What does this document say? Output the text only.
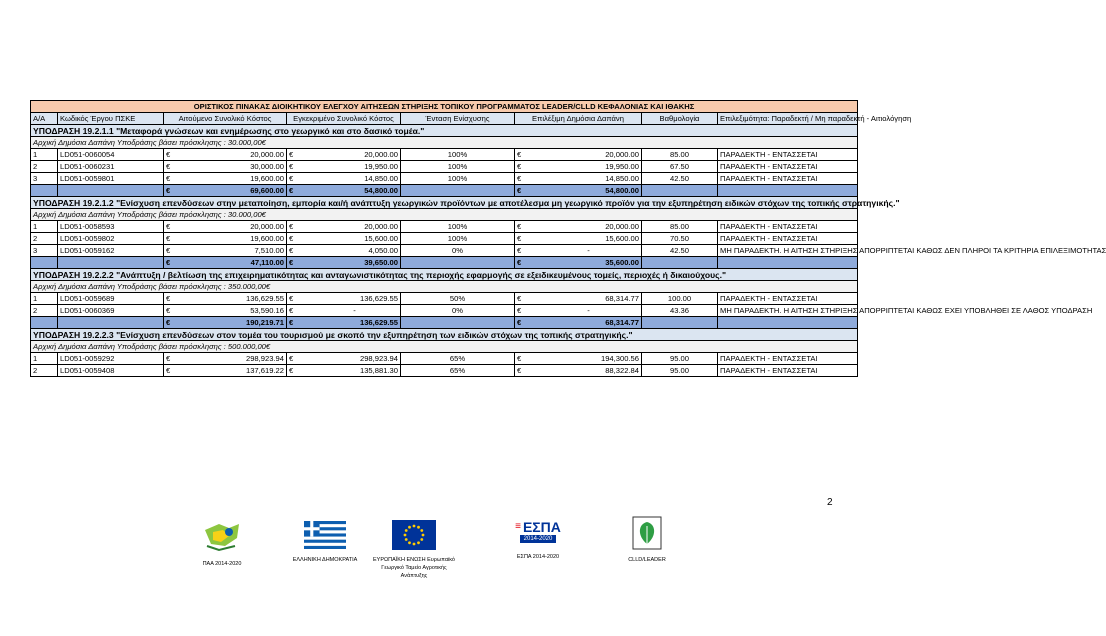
ΟΡΙΣΤΙΚΟΣ ΠΙΝΑΚΑΣ ΔΙΟΙΚΗΤΙΚΟΥ ΕΛΕΓΧΟΥ ΑΙΤΗΣΕΩΝ ΣΤΗΡΙΞΗΣ ΤΟΠΙΚΟΥ ΠΡΟΓΡΑΜΜΑΤΟΣ LEADER/CLLD ΚΕΦΑΛΟΝΙΑΣ ΚΑΙ ΙΘΑΚΗΣ							
Α/Α	Κωδικός Έργου ΠΣΚΕ	Αιτούμενο Συνολικό Κόστος	Εγκεκριμένο Συνολικό Κόστος	Ένταση Ενίσχυσης	Επιλέξιμη Δημόσια Δαπάνη	Βαθμολογία	Επιλεξιμότητα: Παραδεκτή / Μη παραδεκτή - Αιτιολόγηση
ΥΠΟΔΡΑΣΗ 19.2.1.1 "Μεταφορά γνώσεων και ενημέρωσης στο γεωργικό και στο δασικό τομέα."							
Αρχική Δημόσια Δαπάνη Υποδράσης βάσει πρόσκλησης : 30.000,00€							
1	LD051-0060054	€ 20,000.00	€ 20,000.00	100%	€ 20,000.00	85.00	ΠΑΡΑΔΕΚΤΗ - ΕΝΤΑΣΣΕΤΑΙ
2	LD051-0060231	€ 30,000.00	€ 19,950.00	100%	€ 19,950.00	67.50	ΠΑΡΑΔΕΚΤΗ - ΕΝΤΑΣΣΕΤΑΙ
3	LD051-0059801	€ 19,600.00	€ 14,850.00	100%	€ 14,850.00	42.50	ΠΑΡΑΔΕΚΤΗ - ΕΝΤΑΣΣΕΤΑΙ

		€ 69,600.00	€ 54,800.00		€ 54,800.00		

ΥΠΟΔΡΑΣΗ 19.2.1.2 "Ενίσχυση επενδύσεων στην μεταποίηση, εμπορία και/ή ανάπτυξη γεωργικών προϊόντων με αποτέλεσμα μη γεωργικό προϊόν για την εξυπηρέτηση ειδικών στόχων της τοπικής στρατηγικής."							
Αρχική Δημόσια Δαπάνη Υποδράσης βάσει πρόσκλησης : 30.000,00€							
1	LD051-0058593	€ 20,000.00	€ 20,000.00	100%	€ 20,000.00	85.00	ΠΑΡΑΔΕΚΤΗ - ΕΝΤΑΣΣΕΤΑΙ
2	LD051-0059802	€ 19,600.00	€ 15,600.00	100%	€ 15,600.00	70.50	ΠΑΡΑΔΕΚΤΗ - ΕΝΤΑΣΣΕΤΑΙ
3	LD051-0059162	€ 7,510.00	€ 4,050.00	0%	€ -	42.50	ΜΗ ΠΑΡΑΔΕΚΤΗ. Η ΑΙΤΗΣΗ ΣΤΗΡΙΞΗΣ ΑΠΟΡΡΙΠΤΕΤΑΙ ΚΑΘΩΣ ΔΕΝ ΠΛΗΡΟΙ ΤΑ ΚΡΙΤΗΡΙΑ ΕΠΙΛΕΞΙΜΟΤΗΤΑΣ

		€ 47,110.00	€ 39,650.00		€ 35,600.00		

ΥΠΟΔΡΑΣΗ 19.2.2.2 "Ανάπτυξη / βελτίωση της επιχειρηματικότητας και ανταγωνιστικότητας της περιοχής εφαρμογής σε εξειδικευμένους τομείς, περιοχές ή δικαιούχους."							
Αρχική Δημόσια Δαπάνη Υποδράσης βάσει πρόσκλησης : 350.000,00€							
1	LD051-0059689	€ 136,629.55	€ 136,629.55	50%	€ 68,314.77	100.00	ΠΑΡΑΔΕΚΤΗ - ΕΝΤΑΣΣΕΤΑΙ
2	LD051-0060369	€ 53,590.16	€ -	0%	€ -	43.36	ΜΗ ΠΑΡΑΔΕΚΤΗ. Η ΑΙΤΗΣΗ ΣΤΗΡΙΞΗΣ ΑΠΟΡΡΙΠΤΕΤΑΙ ΚΑΘΩΣ ΕΧΕΙ ΥΠΟΒΛΗΘΕΙ ΣΕ ΛΑΘΟΣ ΥΠΟΔΡΑΣΗ

		€ 190,219.71	€ 136,629.55		€ 68,314.77		

ΥΠΟΔΡΑΣΗ 19.2.2.3 "Ενίσχυση επενδύσεων στον τομέα του τουρισμού με σκοπό την εξυπηρέτηση των ειδικών στόχων της τοπικής στρατηγικής."							
Αρχική Δημόσια Δαπάνη Υποδράσης βάσει πρόσκλησης : 500.000,00€							
1	LD051-0059292	€ 298,923.94	€ 298,923.94	65%	€ 194,300.56	95.00	ΠΑΡΑΔΕΚΤΗ - ΕΝΤΑΣΣΕΤΑΙ
2	LD051-0059408	€ 137,619.22	€ 135,881.30	65%	€ 88,322.84	95.00	ΠΑΡΑΔΕΚΤΗ - ΕΝΤΑΣΣΕΤΑΙ
2
ΠΑΑ 2014-2020
ΕΛΛΗΝΙΚΗ ΔΗΜΟΚΡΑΤΙΑ	ΕΥΡΩΠΑΪΚΗ ΕΝΩΣΗ Ευρωπαϊκό Γεωργικό Ταμείο Αγροτικής Ανάπτυξης
≡ ΕΣΠΑ
2014-2020
ΕΣΠΑ 2014-2020	CLLD/LEADER
